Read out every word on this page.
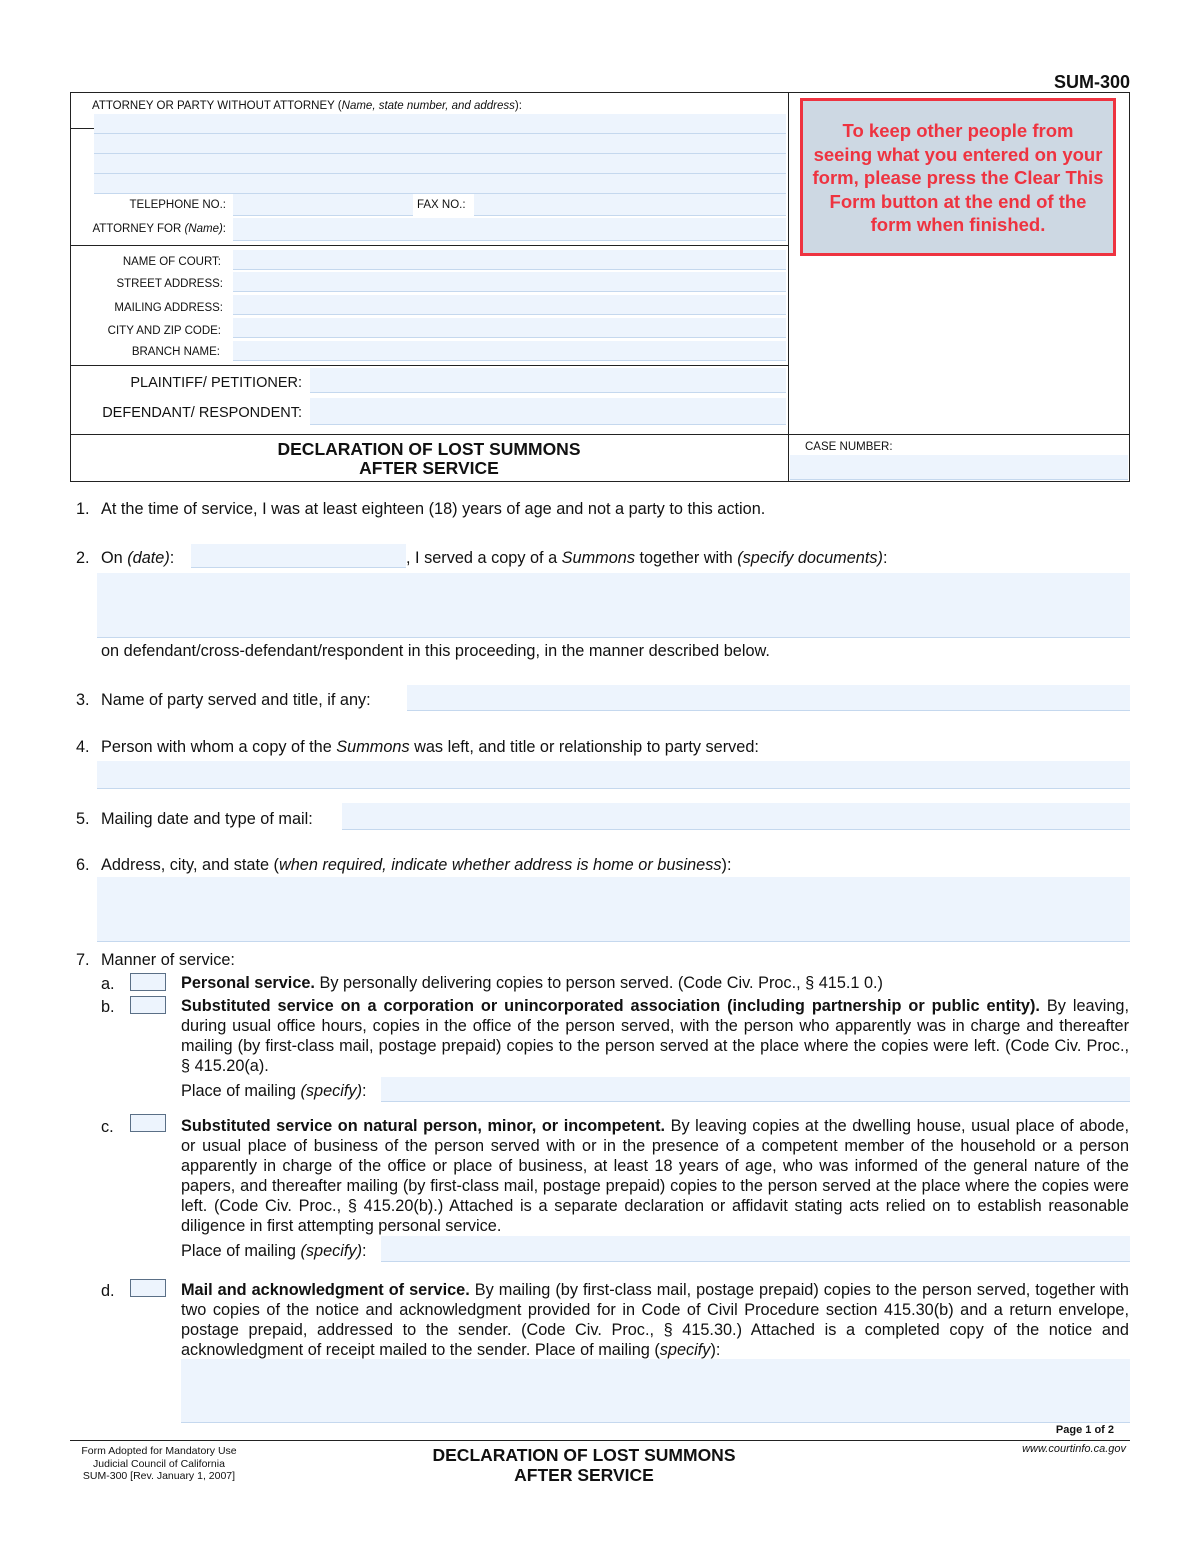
SUM-300
ATTORNEY OR PARTY WITHOUT ATTORNEY (Name, state number, and address):
TELEPHONE NO.:	FAX NO.:
ATTORNEY FOR (Name):
NAME OF COURT:
STREET ADDRESS:
MAILING ADDRESS:
CITY AND ZIP CODE:
BRANCH NAME:
PLAINTIFF/ PETITIONER:
DEFENDANT/ RESPONDENT:
To keep other people from seeing what you entered on your form, please press the Clear This Form button at the end of the form when finished.
DECLARATION OF LOST SUMMONS
AFTER SERVICE
CASE NUMBER:
1. At the time of service, I was at least eighteen (18) years of age and not a party to this action.
2. On (date):	, I served a copy of a Summons together with (specify documents):
on defendant/cross-defendant/respondent in this proceeding, in the manner described below.
3. Name of party served and title, if any:
4. Person with whom a copy of the Summons was left, and title or relationship to party served:
5. Mailing date and type of mail:
6. Address, city, and state (when required, indicate whether address is home or business):
7. Manner of service:
a.	Personal service. By personally delivering copies to person served. (Code Civ. Proc., § 415.1 0.)
b.	Substituted service on a corporation or unincorporated association (including partnership or public entity). By leaving, during usual office hours, copies in the office of the person served, with the person who apparently was in charge and thereafter mailing (by first-class mail, postage prepaid) copies to the person served at the place where the copies were left. (Code Civ. Proc., § 415.20(a).
Place of mailing (specify):
c.	Substituted service on natural person, minor, or incompetent. By leaving copies at the dwelling house, usual place of abode, or usual place of business of the person served with or in the presence of a competent member of the household or a person apparently in charge of the office or place of business, at least 18 years of age, who was informed of the general nature of the papers, and thereafter mailing (by first-class mail, postage prepaid) copies to the person served at the place where the copies were left. (Code Civ. Proc., § 415.20(b).) Attached is a separate declaration or affidavit stating acts relied on to establish reasonable diligence in first attempting personal service.
Place of mailing (specify):
d.	Mail and acknowledgment of service. By mailing (by first-class mail, postage prepaid) copies to the person served, together with two copies of the notice and acknowledgment provided for in Code of Civil Procedure section 415.30(b) and a return envelope, postage prepaid, addressed to the sender. (Code Civ. Proc., § 415.30.) Attached is a completed copy of the notice and acknowledgment of receipt mailed to the sender. Place of mailing (specify):
Page 1 of 2
Form Adopted for Mandatory Use
Judicial Council of California
SUM-300 [Rev. January 1, 2007]
DECLARATION OF LOST SUMMONS
AFTER SERVICE
www.courtinfo.ca.gov
